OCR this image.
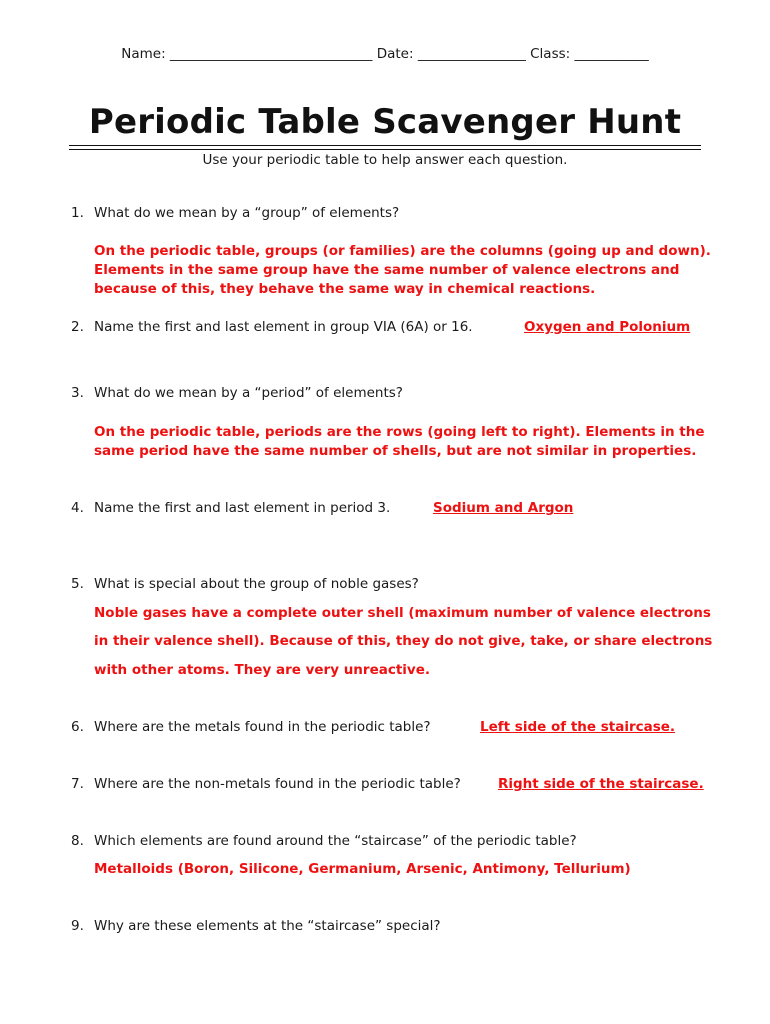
Name: ______________________________ Date: ________________ Class: ___________
Periodic Table Scavenger Hunt
Use your periodic table to help answer each question.
1. What do we mean by a “group” of elements?
On the periodic table, groups (or families) are the columns (going up and down).
Elements in the same group have the same number of valence electrons and
because of this, they behave the same way in chemical reactions.
2. Name the first and last element in group VIA (6A) or 16.	Oxygen and Polonium
3. What do we mean by a “period” of elements?
On the periodic table, periods are the rows (going left to right). Elements in the
same period have the same number of shells, but are not similar in properties.
4. Name the first and last element in period 3.	Sodium and Argon
5. What is special about the group of noble gases?
Noble gases have a complete outer shell (maximum number of valence electrons
in their valence shell). Because of this, they do not give, take, or share electrons
with other atoms. They are very unreactive.
6. Where are the metals found in the periodic table?	Left side of the staircase.
7. Where are the non-metals found in the periodic table?	Right side of the staircase.
8. Which elements are found around the “staircase” of the periodic table?
Metalloids (Boron, Silicone, Germanium, Arsenic, Antimony, Tellurium)
9. Why are these elements at the “staircase” special?
